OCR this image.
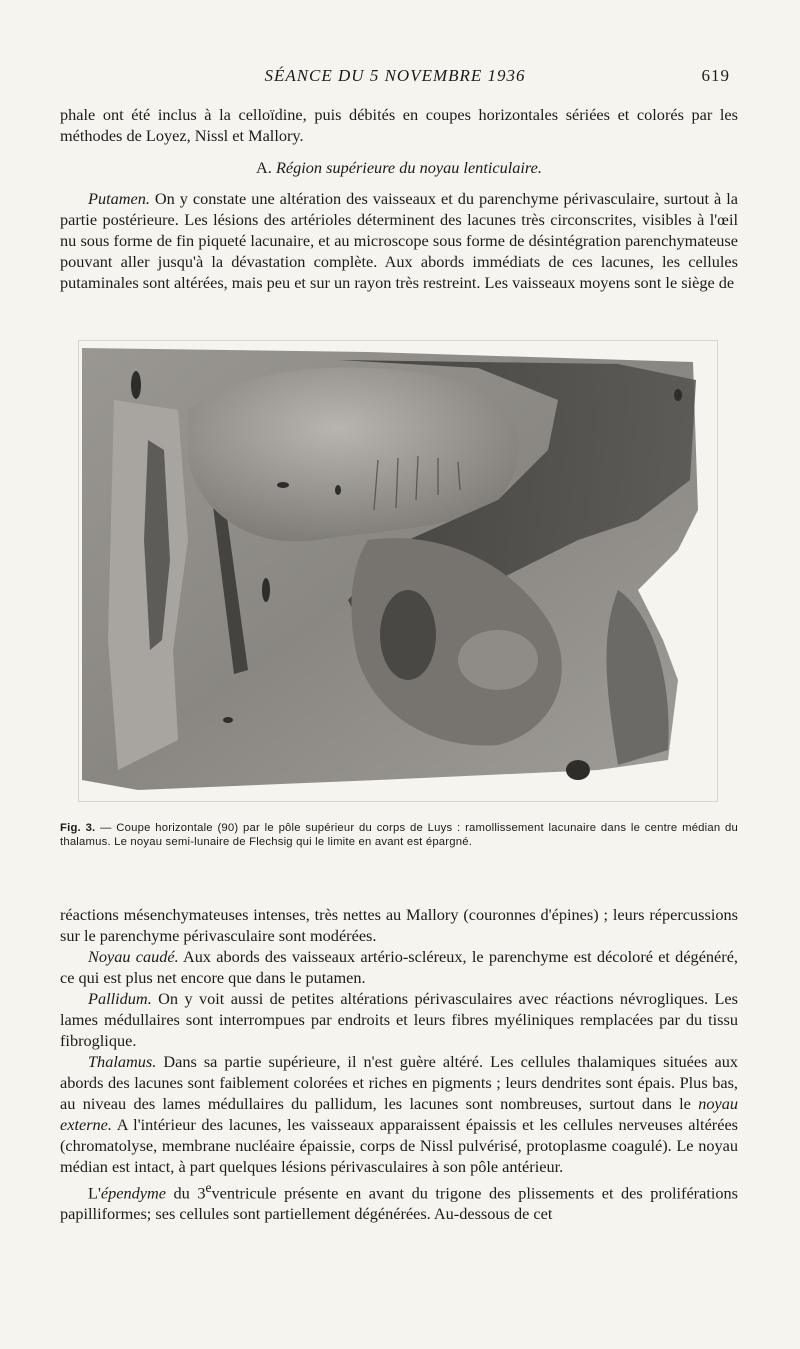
SÉANCE DU 5 NOVEMBRE 1936	619

phale ont été inclus à la celloïdine, puis débités en coupes horizontales sériées et colorés par les méthodes de Loyez, Nissl et Mallory.

A. Région supérieure du noyau lenticulaire.

Putamen. On y constate une altération des vaisseaux et du parenchyme périvasculaire, surtout à la partie postérieure. Les lésions des artérioles déterminent des lacunes très circonscrites, visibles à l'œil nu sous forme de fin piqueté lacunaire, et au microscope sous forme de désintégration parenchymateuse pouvant aller jusqu'à la dévastation complète. Aux abords immédiats de ces lacunes, les cellules putaminales sont altérées, mais peu et sur un rayon très restreint. Les vaisseaux moyens sont le siège de

Fig. 3. — Coupe horizontale (90) par le pôle supérieur du corps de Luys : ramollissement lacunaire dans le centre médian du thalamus. Le noyau semi-lunaire de Flechsig qui le limite en avant est épargné.

réactions mésenchymateuses intenses, très nettes au Mallory (couronnes d'épines) ; leurs répercussions sur le parenchyme périvasculaire sont modérées.

Noyau caudé. Aux abords des vaisseaux artério-scléreux, le parenchyme est décoloré et dégénéré, ce qui est plus net encore que dans le putamen.

Pallidum. On y voit aussi de petites altérations périvasculaires avec réactions névrogliques. Les lames médullaires sont interrompues par endroits et leurs fibres myéliniques remplacées par du tissu fibroglique.

Thalamus. Dans sa partie supérieure, il n'est guère altéré. Les cellules thalamiques situées aux abords des lacunes sont faiblement colorées et riches en pigments ; leurs dendrites sont épais. Plus bas, au niveau des lames médullaires du pallidum, les lacunes sont nombreuses, surtout dans le noyau externe. A l'intérieur des lacunes, les vaisseaux apparaissent épaissis et les cellules nerveuses altérées (chromatolyse, membrane nucléaire épaissie, corps de Nissl pulvérisé, protoplasme coagulé). Le noyau médian est intact, à part quelques lésions périvasculaires à son pôle antérieur.

L'épendyme du 3eventricule présente en avant du trigone des plissements et des proliférations papilliformes; ses cellules sont partiellement dégénérées. Au-dessous de cet
